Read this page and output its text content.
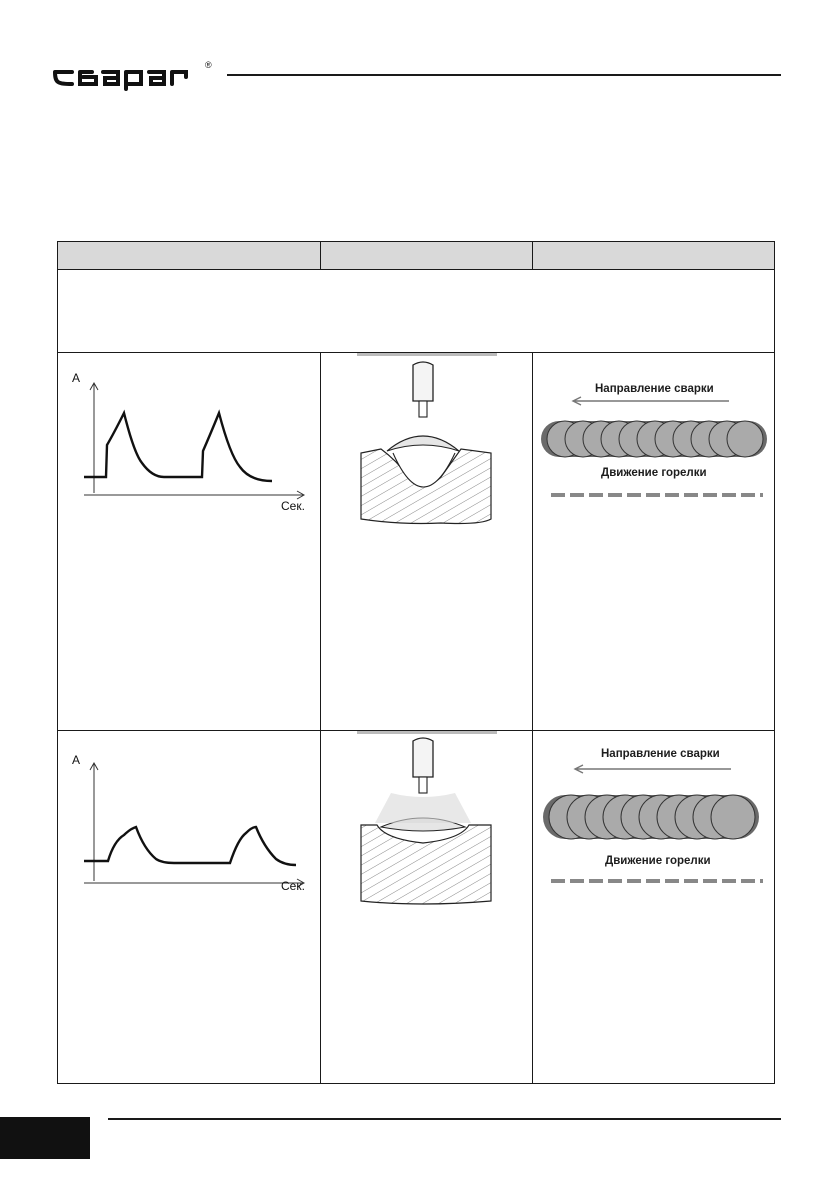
®

A
Сек.		Направление сварки
Движение горелки

A
Сек.		Направление сварки
Движение горелки
